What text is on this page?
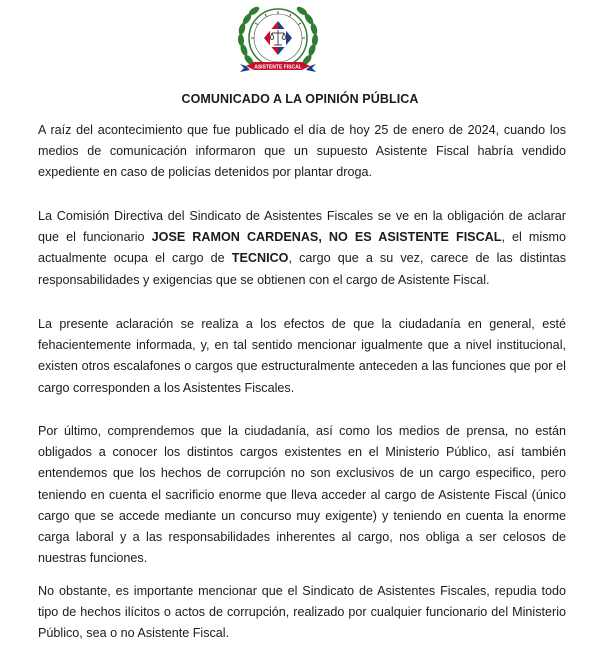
ASISTENTE FISCAL
COMUNICADO A LA OPINIÓN PÚBLICA

A raíz del acontecimiento que fue publicado el día de hoy 25 de enero de 2024, cuando los medios de comunicación informaron que un supuesto Asistente Fiscal habría vendido expediente en caso de policías detenidos por plantar droga.

La Comisión Directiva del Sindicato de Asistentes Fiscales se ve en la obligación de aclarar que el funcionario JOSE RAMON CARDENAS, NO ES ASISTENTE FISCAL, el mismo actualmente ocupa el cargo de TECNICO, cargo que a su vez, carece de las distintas responsabilidades y exigencias que se obtienen con el cargo de Asistente Fiscal.

La presente aclaración se realiza a los efectos de que la ciudadanía en general, esté fehacientemente informada, y, en tal sentido mencionar igualmente que a nivel institucional, existen otros escalafones o cargos que estructuralmente anteceden a las funciones que por el cargo corresponden a los Asistentes Fiscales.

Por último, comprendemos que la ciudadanía, así como los medios de prensa, no están obligados a conocer los distintos cargos existentes en el Ministerio Público, así también entendemos que los hechos de corrupción no son exclusivos de un cargo especifico, pero teniendo en cuenta el sacrificio enorme que lleva acceder al cargo de Asistente Fiscal (único cargo que se accede mediante un concurso muy exigente) y teniendo en cuenta la enorme carga laboral y a las responsabilidades inherentes al cargo, nos obliga a ser celosos de nuestras funciones.

No obstante, es importante mencionar que el Sindicato de Asistentes Fiscales, repudia todo tipo de hechos ilícitos o actos de corrupción, realizado por cualquier funcionario del Ministerio Público, sea o no Asistente Fiscal.
